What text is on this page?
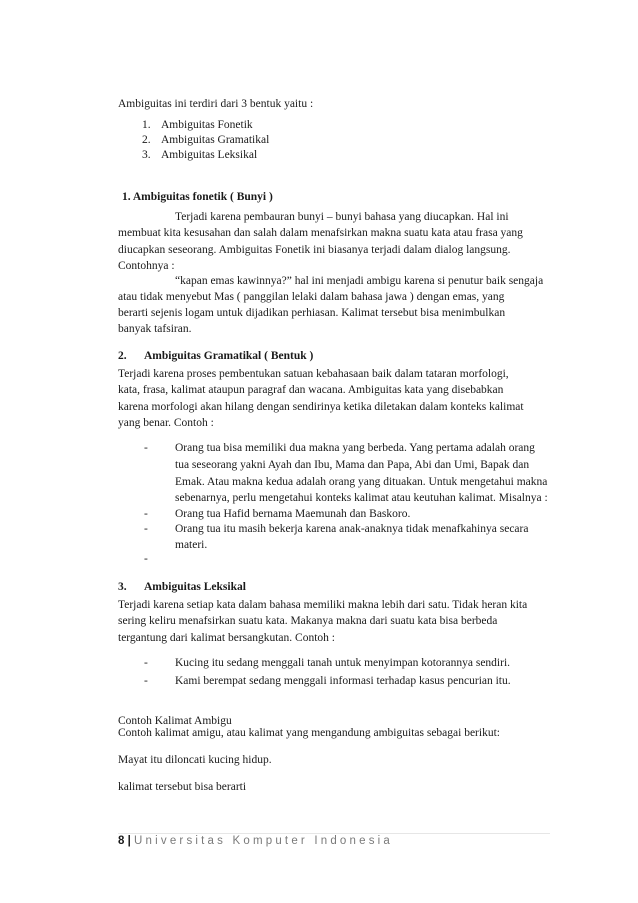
Ambiguitas ini terdiri dari 3 bentuk yaitu :
1. Ambiguitas Fonetik
2. Ambiguitas Gramatikal
3. Ambiguitas Leksikal
1. Ambiguitas fonetik ( Bunyi )
Terjadi karena pembauran bunyi – bunyi bahasa yang diucapkan. Hal ini
membuat kita kesusahan dan salah dalam menafsirkan makna suatu kata atau frasa yang
diucapkan seseorang. Ambiguitas Fonetik ini biasanya terjadi dalam dialog langsung.
Contohnya :
“kapan emas kawinnya?” hal ini menjadi ambigu karena si penutur baik sengaja
atau tidak menyebut Mas ( panggilan lelaki dalam bahasa jawa ) dengan emas, yang
berarti sejenis logam untuk dijadikan perhiasan. Kalimat tersebut bisa menimbulkan
banyak tafsiran.
2. Ambiguitas Gramatikal ( Bentuk )
Terjadi karena proses pembentukan satuan kebahasaan baik dalam tataran morfologi,
kata, frasa, kalimat ataupun paragraf dan wacana. Ambiguitas kata yang disebabkan
karena morfologi akan hilang dengan sendirinya ketika diletakan dalam konteks kalimat
yang benar. Contoh :
- Orang tua bisa memiliki dua makna yang berbeda. Yang pertama adalah orang
tua seseorang yakni Ayah dan Ibu, Mama dan Papa, Abi dan Umi, Bapak dan
Emak. Atau makna kedua adalah orang yang dituakan. Untuk mengetahui makna
sebenarnya, perlu mengetahui konteks kalimat atau keutuhan kalimat. Misalnya :
- Orang tua Hafid bernama Maemunah dan Baskoro.
- Orang tua itu masih bekerja karena anak-anaknya tidak menafkahinya secara
materi.
-
3. Ambiguitas Leksikal
Terjadi karena setiap kata dalam bahasa memiliki makna lebih dari satu. Tidak heran kita
sering keliru menafsirkan suatu kata. Makanya makna dari suatu kata bisa berbeda
tergantung dari kalimat bersangkutan. Contoh :
- Kucing itu sedang menggali tanah untuk menyimpan kotorannya sendiri.
- Kami berempat sedang menggali informasi terhadap kasus pencurian itu.
Contoh Kalimat Ambigu
Contoh kalimat amigu, atau kalimat yang mengandung ambiguitas sebagai berikut:
Mayat itu diloncati kucing hidup.
kalimat tersebut bisa berarti
8 | Universitas Komputer Indonesia
